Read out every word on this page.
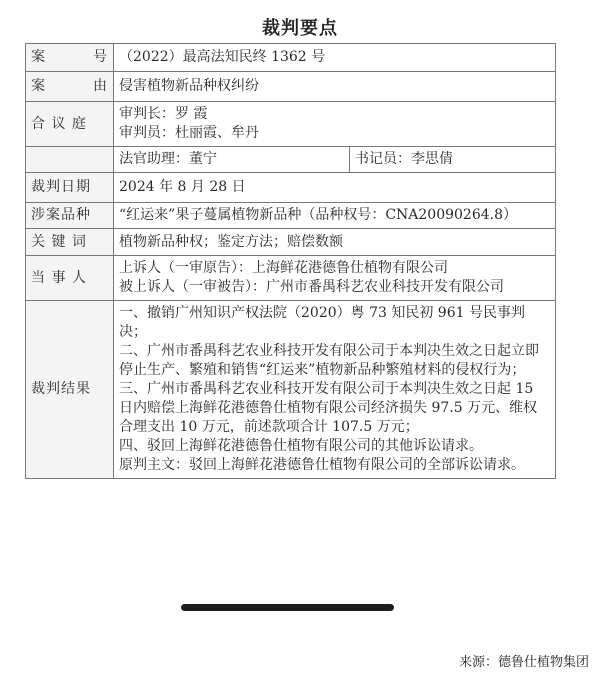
裁判要点
案 号	（2022）最高法知民终 1362 号	

案 由	侵害植物新品种权纠纷	
合 议 庭	审判长：罗 霞
审判员：杜丽霞、牟丹	

	法官助理：董宁	书记员：李思倩
裁判日期	2024 年 8 月 28 日	
涉案品种	“红运来”果子蔓属植物新品种（品种权号：CNA20090264.8）	
关 键 词	植物新品种权；鉴定方法；赔偿数额	
当 事 人	上诉人（一审原告）：上海鲜花港德鲁仕植物有限公司
被上诉人（一审被告）：广州市番禺科艺农业科技开发有限公司	

裁判结果	一、撤销广州知识产权法院（2020）粤 73 知民初 961 号民事判决；
二、广州市番禺科艺农业科技开发有限公司于本判决生效之日起立即停止生产、繁殖和销售“红运来”植物新品种繁殖材料的侵权行为；
三、广州市番禺科艺农业科技开发有限公司于本判决生效之日起 15 日内赔偿上海鲜花港德鲁仕植物有限公司经济损失 97.5 万元、维权合理支出 10 万元，前述款项合计 107.5 万元；
四、驳回上海鲜花港德鲁仕植物有限公司的其他诉讼请求。
原判主文：驳回上海鲜花港德鲁仕植物有限公司的全部诉讼请求。	
来源：德鲁仕植物集团
